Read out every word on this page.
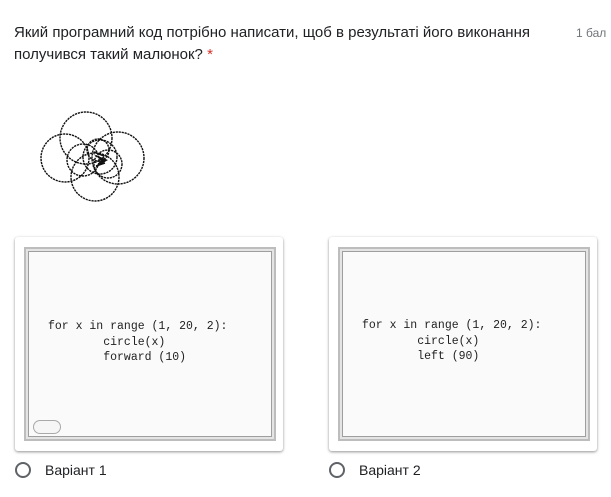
Який програмний код потрібно написати, щоб в результаті його виконання получився такий малюнок? *
1 бал
for x in range (1, 20, 2):
circle(x)
forward (10)
for x in range (1, 20, 2):
circle(x)
left (90)
Варіант 1	Варіант 2
